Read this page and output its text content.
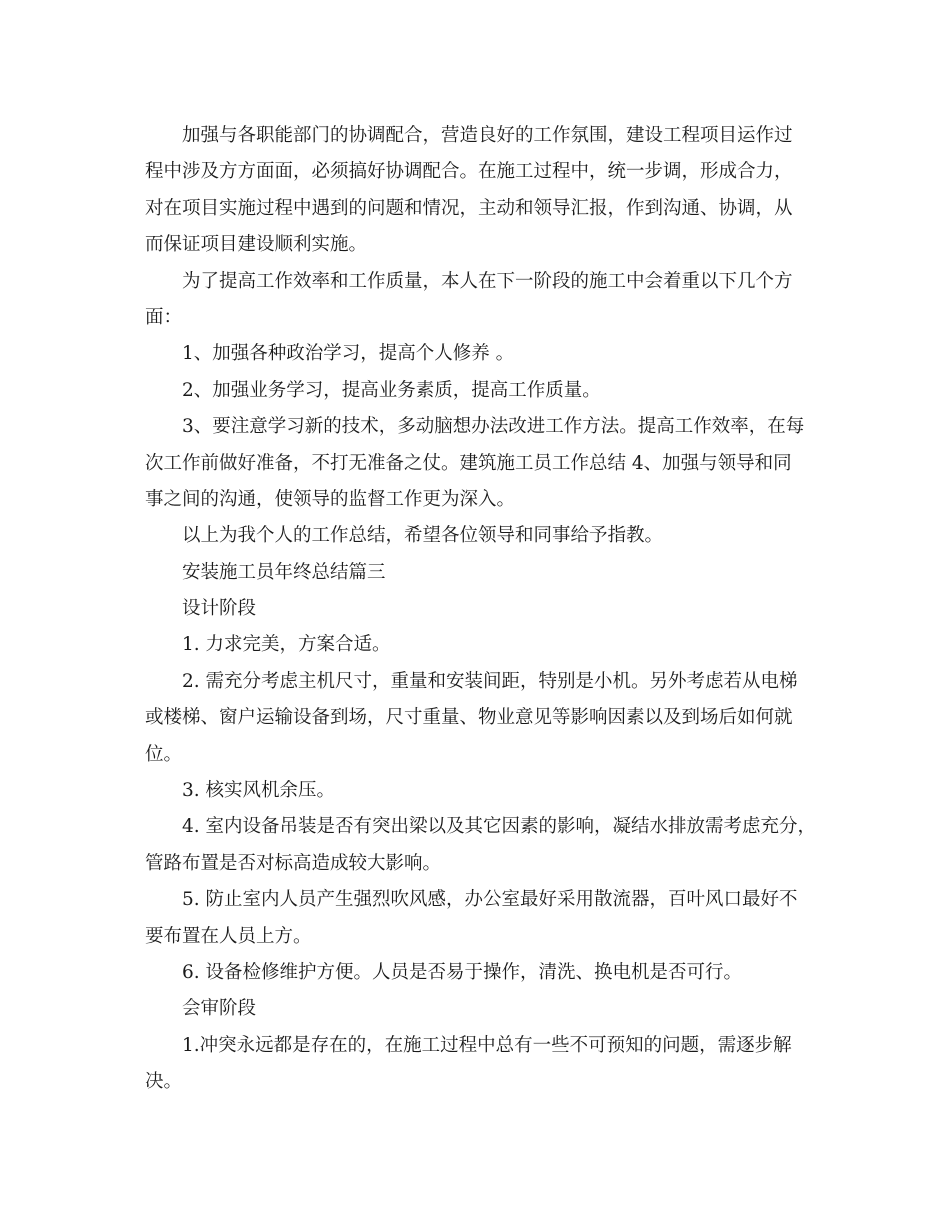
加强与各职能部门的协调配合，营造良好的工作氛围，建设工程项目运作过
程中涉及方方面面，必须搞好协调配合。在施工过程中，统一步调，形成合力，
对在项目实施过程中遇到的问题和情况，主动和领导汇报，作到沟通、协调，从
而保证项目建设顺利实施。
为了提高工作效率和工作质量，本人在下一阶段的施工中会着重以下几个方
面：
1、加强各种政治学习，提高个人修养 。
2、加强业务学习，提高业务素质，提高工作质量。
3、要注意学习新的技术，多动脑想办法改进工作方法。提高工作效率，在每
次工作前做好准备，不打无准备之仗。建筑施工员工作总结 4、加强与领导和同
事之间的沟通，使领导的监督工作更为深入。
以上为我个人的工作总结，希望各位领导和同事给予指教。
安装施工员年终总结篇三
设计阶段
1. 力求完美，方案合适。
2. 需充分考虑主机尺寸，重量和安装间距，特别是小机。另外考虑若从电梯
或楼梯、窗户运输设备到场，尺寸重量、物业意见等影响因素以及到场后如何就
位。
3. 核实风机余压。
4. 室内设备吊装是否有突出梁以及其它因素的影响，凝结水排放需考虑充分，
管路布置是否对标高造成较大影响。
5. 防止室内人员产生强烈吹风感，办公室最好采用散流器，百叶风口最好不
要布置在人员上方。
6. 设备检修维护方便。人员是否易于操作，清洗、换电机是否可行。
会审阶段
1.冲突永远都是存在的，在施工过程中总有一些不可预知的问题，需逐步解
决。
